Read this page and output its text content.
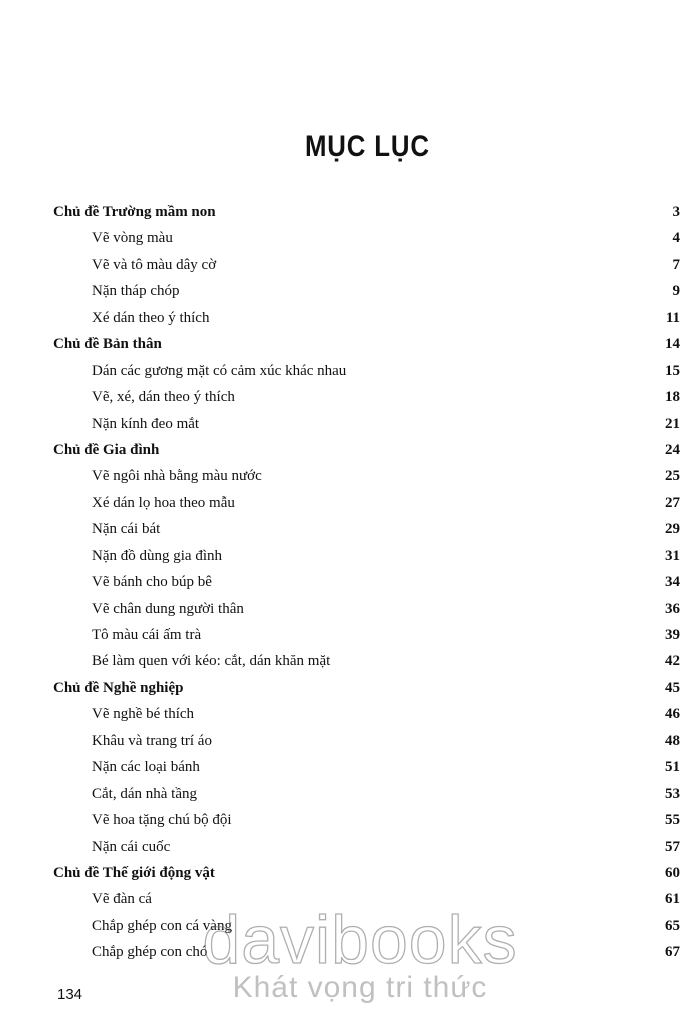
MỤC LỤC
Chủ đề Trường mầm non	3
Vẽ vòng màu	4
Vẽ và tô màu dây cờ	7
Nặn tháp chóp	9
Xé dán theo ý thích	11
Chủ đề Bản thân	14
Dán các gương mặt có cảm xúc khác nhau	15
Vẽ, xé, dán theo ý thích	18
Nặn kính đeo mắt	21
Chủ đề Gia đình	24
Vẽ ngôi nhà bằng màu nước	25
Xé dán lọ hoa theo mẫu	27
Nặn cái bát	29
Nặn đồ dùng gia đình	31
Vẽ bánh cho búp bê	34
Vẽ chân dung người thân	36
Tô màu cái ấm trà	39
Bé làm quen với kéo: cắt, dán khăn mặt	42
Chủ đề Nghề nghiệp	45
Vẽ nghề bé thích	46
Khâu và trang trí áo	48
Nặn các loại bánh	51
Cắt, dán nhà tầng	53
Vẽ hoa tặng chú bộ đội	55
Nặn cái cuốc	57
Chủ đề Thế giới động vật	60
Vẽ đàn cá	61
Chắp ghép con cá vàng	65
Chắp ghép con chó	67
134
davibooks
Khát vọng tri thức
